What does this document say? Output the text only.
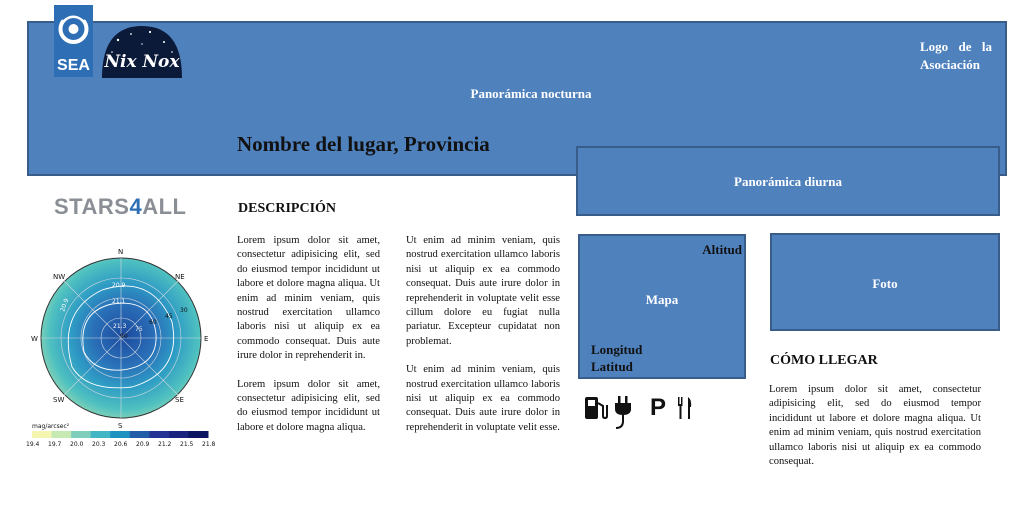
SEA Nix Nox
Logo de la Asociación
Panorámica nocturna
Nombre del lugar, Provincia
Panorámica diurna
STARS4ALL
N
NE
E
SE
S
SW
W
NW
20.9
21.1
21.3
20.9
75
60
45
30
90
mag/arcsec²
19.4 19.7 20.0 20.3 20.6 20.9 21.2 21.5 21.8
DESCRIPCIÓN

Lorem ipsum dolor sit amet, consectetur adipisicing elit, sed do eiusmod tempor incididunt ut labore et dolore magna aliqua. Ut enim ad minim veniam, quis nostrud exercitation ullamco laboris nisi ut aliquip ex ea commodo consequat. Duis aute irure dolor in reprehenderit in.

Lorem ipsum dolor sit amet, consectetur adipisicing elit, sed do eiusmod tempor incididunt ut labore et dolore magna aliqua.

Ut enim ad minim veniam, quis nostrud exercitation ullamco laboris nisi ut aliquip ex ea commodo consequat. Duis aute irure dolor in reprehenderit in voluptate velit esse cillum dolore eu fugiat nulla pariatur. Excepteur cupidatat non problemat.

Ut enim ad minim veniam, quis nostrud exercitation ullamco laboris nisi ut aliquip ex ea commodo consequat. Duis aute irure dolor in reprehenderit in voluptate velit esse.

Altitud
Mapa
Longitud
Latitud
Foto
P
CÓMO LLEGAR

Lorem ipsum dolor sit amet, consectetur adipisicing elit, sed do eiusmod tempor incididunt ut labore et dolore magna aliqua. Ut enim ad minim veniam, quis nostrud exercitation ullamco laboris nisi ut aliquip ex ea commodo consequat.
